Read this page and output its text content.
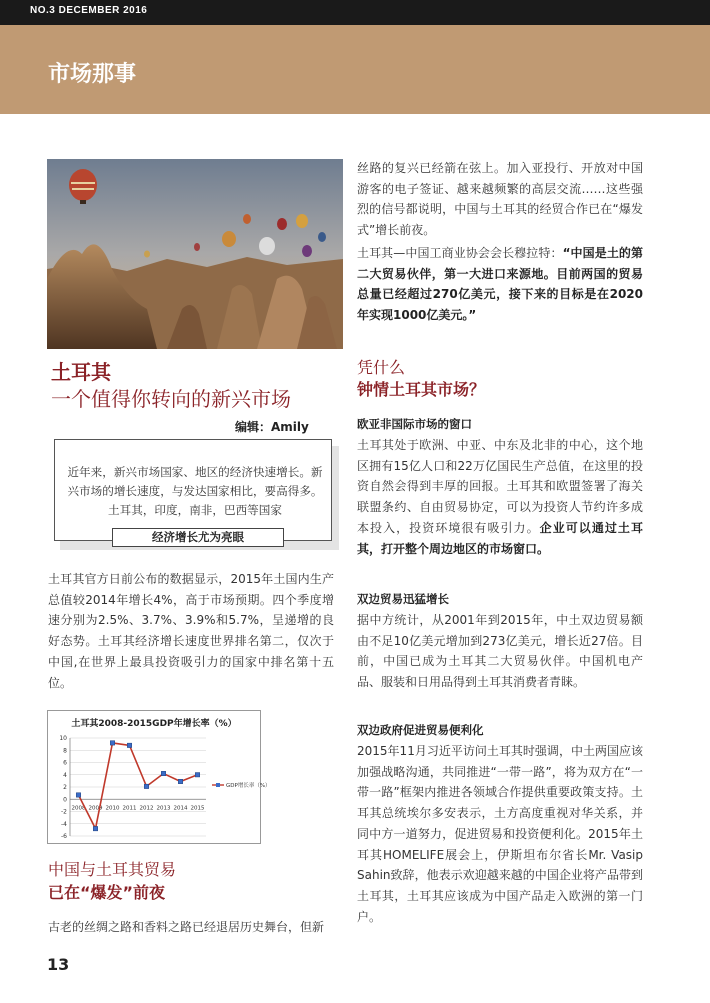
NO.3 DECEMBER 2016
市场那事
土耳其
一个值得你转向的新兴市场
编辑：Amily
近年来，新兴市场国家、地区的经济快速增长。新
兴市场的增长速度，与发达国家相比，要高得多。
土耳其，印度，南非，巴西等国家
经济增长尤为亮眼
土耳其官方日前公布的数据显示，2015年土国内生产总值较2014年增长4%，高于市场预期。四个季度增速分别为2.5%、3.7%、3.9%和5.7%，呈递增的良好态势。土耳其经济增长速度世界排名第二，仅次于中国,在世界上最具投资吸引力的国家中排名第十五位。
土耳其2008-2015GDP年增长率（%）
10
8
6
4
2
0
-2
-4
-6
2008 2009 2010 2011 2012 2013 2014 2015
GDP增长率（%）
中国与土耳其贸易
已在“爆发”前夜
古老的丝绸之路和香料之路已经退居历史舞台，但新
丝路的复兴已经箭在弦上。加入亚投行、开放对中国游客的电子签证、越来越频繁的高层交流……这些强烈的信号都说明，中国与土耳其的经贸合作已在“爆发式”增长前夜。
土耳其—中国工商业协会会长穆拉特：“中国是土的第二大贸易伙伴，第一大进口来源地。目前两国的贸易总量已经超过270亿美元，接下来的目标是在2020年实现1000亿美元。”
凭什么
钟情土耳其市场？
欧亚非国际市场的窗口
土耳其处于欧洲、中亚、中东及北非的中心，这个地区拥有15亿人口和22万亿国民生产总值，在这里的投资自然会得到丰厚的回报。土耳其和欧盟签署了海关联盟条约、自由贸易协定，可以为投资人节约许多成本投入，投资环境很有吸引力。企业可以通过土耳其，打开整个周边地区的市场窗口。
双边贸易迅猛增长
据中方统计，从2001年到2015年，中土双边贸易额由不足10亿美元增加到273亿美元，增长近27倍。目前，中国已成为土耳其二大贸易伙伴。中国机电产品、服装和日用品得到土耳其消费者青睐。
双边政府促进贸易便利化
2015年11月习近平访问土耳其时强调，中土两国应该加强战略沟通，共同推进“一带一路”，将为双方在“一带一路”框架内推进各领域合作提供重要政策支持。土耳其总统埃尔多安表示，土方高度重视对华关系，并同中方一道努力，促进贸易和投资便利化。2015年土耳其HOMELIFE展会上，伊斯坦布尔省长Mr. Vasip Sahin致辞，他表示欢迎越来越的中国企业将产品带到土耳其，土耳其应该成为中国产品走入欧洲的第一门户。
13
